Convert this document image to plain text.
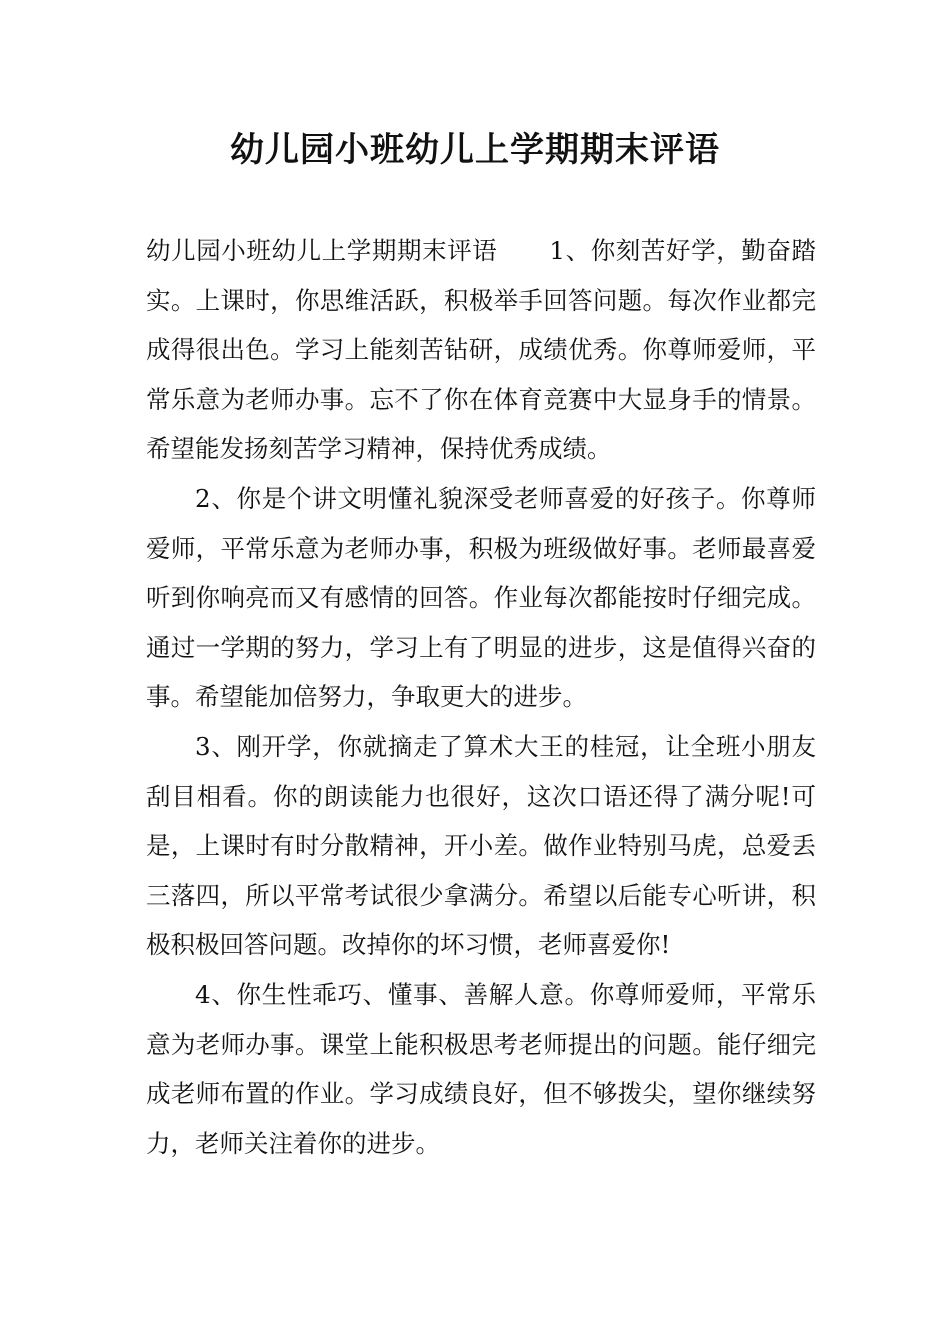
幼儿园小班幼儿上学期期末评语

幼儿园小班幼儿上学期期末评语 1、你刻苦好学，勤奋踏实。上课时，你思维活跃，积极举手回答问题。每次作业都完成得很出色。学习上能刻苦钻研，成绩优秀。你尊师爱师，平常乐意为老师办事。忘不了你在体育竞赛中大显身手的情景。希望能发扬刻苦学习精神，保持优秀成绩。

2、你是个讲文明懂礼貌深受老师喜爱的好孩子。你尊师爱师，平常乐意为老师办事，积极为班级做好事。老师最喜爱听到你响亮而又有感情的回答。作业每次都能按时仔细完成。通过一学期的努力，学习上有了明显的进步，这是值得兴奋的事。希望能加倍努力，争取更大的进步。

3、刚开学，你就摘走了算术大王的桂冠，让全班小朋友刮目相看。你的朗读能力也很好，这次口语还得了满分呢!可是，上课时有时分散精神，开小差。做作业特别马虎，总爱丢三落四，所以平常考试很少拿满分。希望以后能专心听讲，积极积极回答问题。改掉你的坏习惯，老师喜爱你!

4、你生性乖巧、懂事、善解人意。你尊师爱师，平常乐意为老师办事。课堂上能积极思考老师提出的问题。能仔细完成老师布置的作业。学习成绩良好，但不够拨尖，望你继续努力，老师关注着你的进步。
